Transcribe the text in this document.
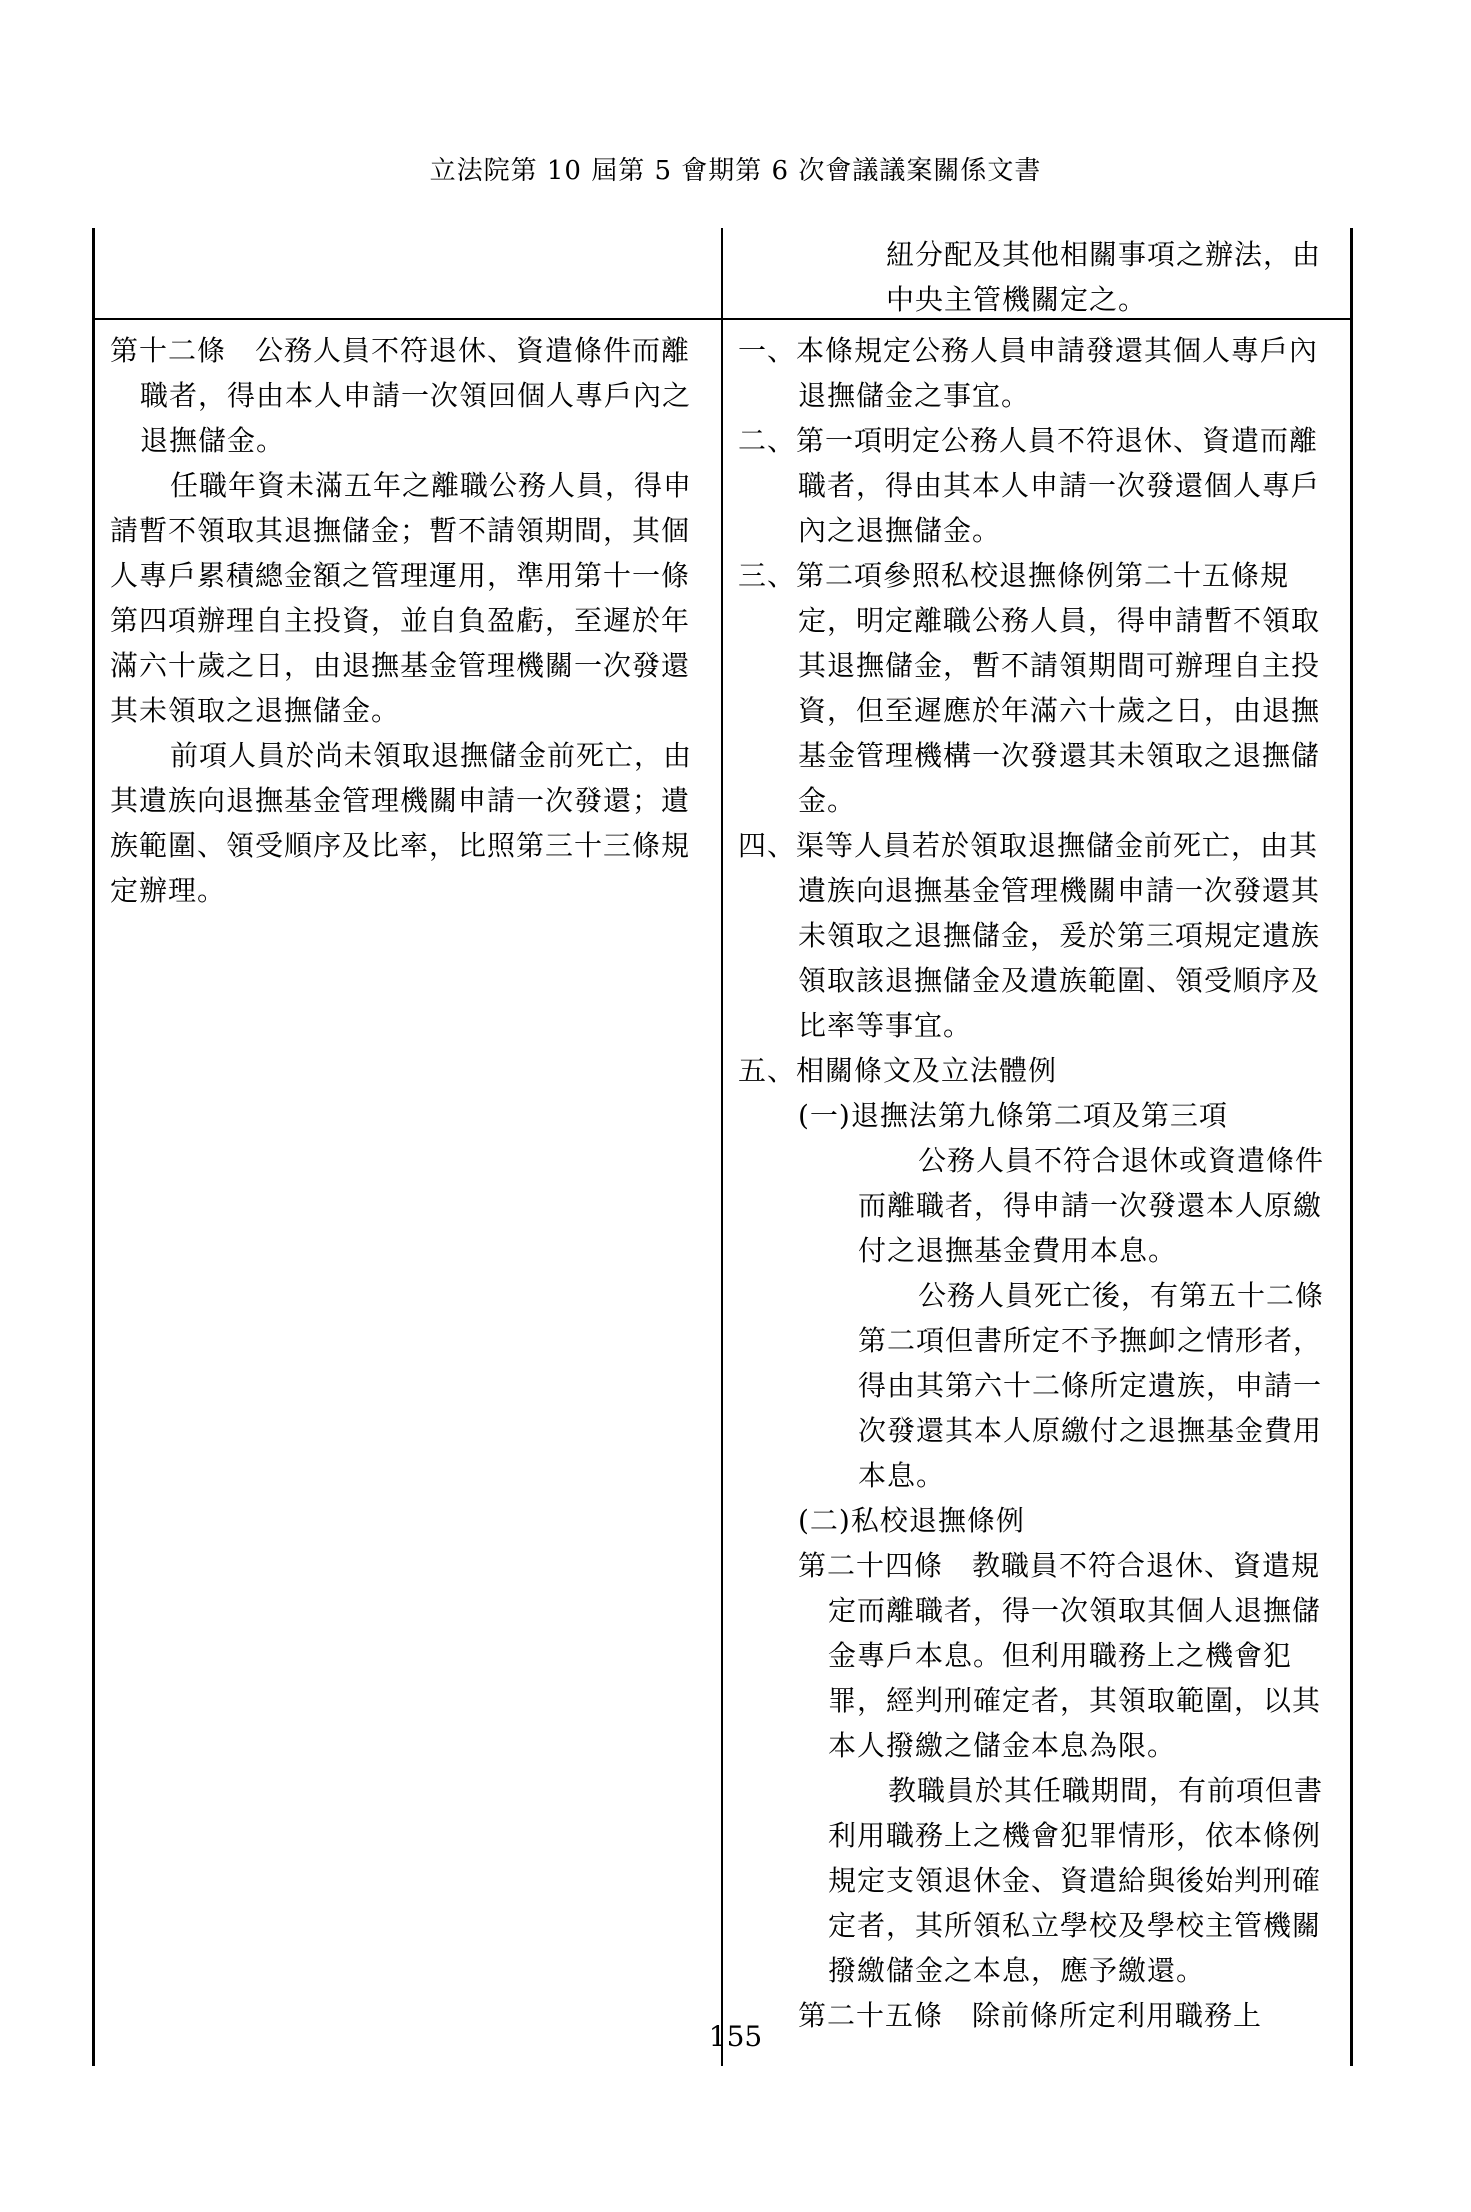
立法院第 10 屆第 5 會期第 6 次會議議案關係文書

紐分配及其他相關事項之辦法，由

中央主管機關定之。

第十二條　公務人員不符退休、資遣條件而離職者，得由本人申請一次領回個人專戶內之退撫儲金。

任職年資未滿五年之離職公務人員，得申請暫不領取其退撫儲金；暫不請領期間，其個人專戶累積總金額之管理運用，準用第十一條第四項辦理自主投資，並自負盈虧，至遲於年滿六十歲之日，由退撫基金管理機關一次發還其未領取之退撫儲金。

前項人員於尚未領取退撫儲金前死亡，由其遺族向退撫基金管理機關申請一次發還；遺族範圍、領受順序及比率，比照第三十三條規定辦理。

一、本條規定公務人員申請發還其個人專戶內退撫儲金之事宜。

二、第一項明定公務人員不符退休、資遣而離職者，得由其本人申請一次發還個人專戶內之退撫儲金。

三、第二項參照私校退撫條例第二十五條規定，明定離職公務人員，得申請暫不領取其退撫儲金，暫不請領期間可辦理自主投資，但至遲應於年滿六十歲之日，由退撫基金管理機構一次發還其未領取之退撫儲金。

四、渠等人員若於領取退撫儲金前死亡，由其遺族向退撫基金管理機關申請一次發還其未領取之退撫儲金，爰於第三項規定遺族領取該退撫儲金及遺族範圍、領受順序及比率等事宜。

五、相關條文及立法體例

(一)退撫法第九條第二項及第三項

公務人員不符合退休或資遣條件而離職者，得申請一次發還本人原繳付之退撫基金費用本息。

公務人員死亡後，有第五十二條第二項但書所定不予撫卹之情形者，得由其第六十二條所定遺族，申請一次發還其本人原繳付之退撫基金費用本息。

(二)私校退撫條例

第二十四條　教職員不符合退休、資遣規定而離職者，得一次領取其個人退撫儲金專戶本息。但利用職務上之機會犯罪，經判刑確定者，其領取範圍，以其本人撥繳之儲金本息為限。

教職員於其任職期間，有前項但書利用職務上之機會犯罪情形，依本條例規定支領退休金、資遣給與後始判刑確定者，其所領私立學校及學校主管機關撥繳儲金之本息，應予繳還。

第二十五條　除前條所定利用職務上

155
